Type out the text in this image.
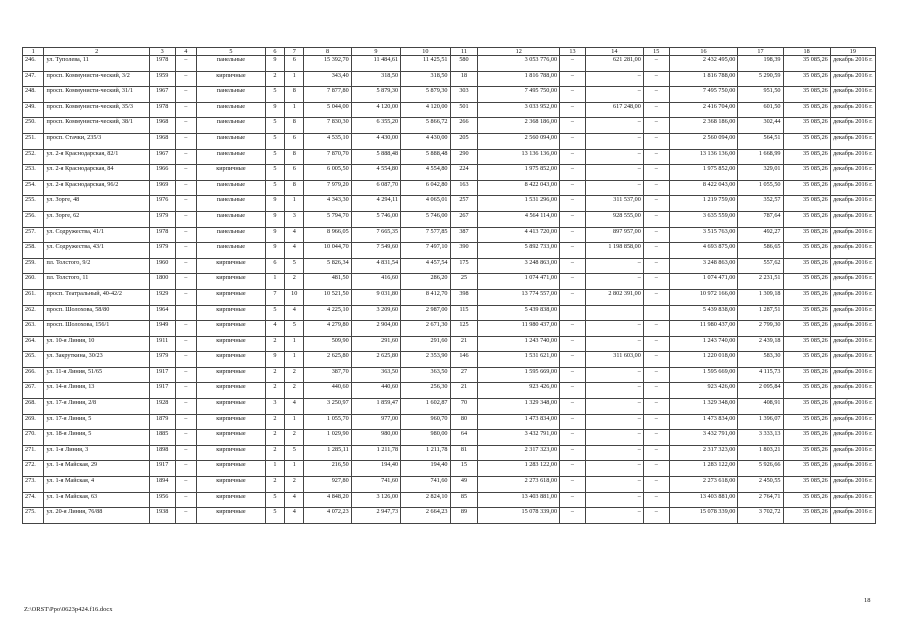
1	2	3	4	5	6	7	8	9	10	11	12	13	14	15	16	17	18	19
246.	ул. Туполева, 11	1978	–	панельные	9	6	15 392,70	11 484,61	11 425,51	580	3 053 776,00	–	621 281,00	–	2 432 495,00	198,39	35 085,26	декабрь 2016 г.
247.	просп. Коммунисти-ческий, 3/2	1959	–	кирпичные	2	1	343,40	318,50	318,50	18	1 816 788,00	–	–	–	1 816 788,00	5 290,59	35 085,26	декабрь 2016 г.
248.	просп. Коммунисти-ческий, 31/1	1967	–	панельные	5	8	7 877,80	5 879,30	5 879,30	303	7 495 750,00	–	–	–	7 495 750,00	951,50	35 085,26	декабрь 2016 г.
249.	просп. Коммунисти-ческий, 35/3	1978	–	панельные	9	1	5 044,00	4 120,00	4 120,00	501	3 033 952,00	–	617 248,00	–	2 416 704,00	601,50	35 085,26	декабрь 2016 г.
250.	просп. Коммунисти-ческий, 38/1	1968	–	панельные	5	8	7 830,30	6 355,20	5 866,72	266	2 368 186,00	–	–	–	2 368 186,00	302,44	35 085,26	декабрь 2016 г.
251.	просп. Стачки, 235/3	1968	–	панельные	5	6	4 535,10	4 430,00	4 430,00	205	2 560 094,00	–	–	–	2 560 094,00	564,51	35 085,26	декабрь 2016 г.
252.	ул. 2-я Краснодарская, 82/1	1967	–	панельные	5	8	7 870,70	5 888,48	5 888,48	290	13 136 136,00	–	–	–	13 136 136,00	1 668,99	35 085,26	декабрь 2016 г.
253.	ул. 2-я Краснодарская, 84	1966	–	кирпичные	5	6	6 005,50	4 554,80	4 554,80	224	1 975 852,00	–	–	–	1 975 852,00	329,01	35 085,26	декабрь 2016 г.
254.	ул. 2-я Краснодарская, 96/2	1969	–	панельные	5	8	7 979,20	6 087,70	6 042,80	163	8 422 043,00	–	–	–	8 422 043,00	1 055,50	35 085,26	декабрь 2016 г.
255.	ул. Зорге, 48	1976	–	панельные	9	1	4 343,30	4 294,11	4 065,01	257	1 531 296,00	–	311 537,00	–	1 219 759,00	352,57	35 085,26	декабрь 2016 г.
256.	ул. Зорге, 62	1979	–	панельные	9	3	5 794,70	5 746,00	5 746,00	267	4 564 114,00	–	928 555,00	–	3 635 559,00	787,64	35 085,26	декабрь 2016 г.
257.	ул. Содружества, 41/1	1978	–	панельные	9	4	8 966,05	7 665,35	7 577,85	387	4 413 720,00	–	897 957,00	–	3 515 763,00	492,27	35 085,26	декабрь 2016 г.
258.	ул. Содружества, 43/1	1979	–	панельные	9	4	10 044,70	7 549,60	7 497,10	390	5 892 733,00	–	1 198 858,00	–	4 693 875,00	586,65	35 085,26	декабрь 2016 г.
259.	пл. Толстого, 9/2	1960	–	кирпичные	6	5	5 826,34	4 831,54	4 457,54	175	3 248 863,00	–	–	–	3 248 863,00	557,62	35 085,26	декабрь 2016 г.
260.	пл. Толстого, 11	1800	–	кирпичные	1	2	481,50	416,60	286,20	25	1 074 471,00	–	–	–	1 074 471,00	2 231,51	35 085,26	декабрь 2016 г.
261.	просп. Театральный, 40-42/2	1929	–	кирпичные	7	10	10 521,50	9 031,80	8 412,70	398	13 774 557,00	–	2 802 391,00	–	10 972 166,00	1 309,18	35 085,26	декабрь 2016 г.
262.	просп. Шолохова, 58/80	1964		кирпичные	5	4	4 225,10	3 209,60	2 987,00	115	5 439 838,00				5 439 838,00	1 287,51	35 085,26	декабрь 2016 г.
263.	просп. Шолохова, 156/1	1949	–	кирпичные	4	5	4 279,80	2 904,00	2 671,30	125	11 980 437,00	–	–	–	11 980 437,00	2 799,30	35 085,26	декабрь 2016 г.
264.	ул. 10-я Линия, 10	1911	–	кирпичные	2	1	509,90	291,60	291,60	21	1 243 740,00	–	–	–	1 243 740,00	2 439,18	35 085,26	декабрь 2016 г.
265.	ул. Закруткина, 30/23	1979	–	кирпичные	9	1	2 625,80	2 625,80	2 353,90	146	1 531 621,00	–	311 603,00	–	1 220 018,00	583,30	35 085,26	декабрь 2016 г.
266.	ул. 11-я Линия, 51/65	1917	–	кирпичные	2	2	387,70	363,50	363,50	27	1 595 669,00	–	–	–	1 595 669,00	4 115,73	35 085,26	декабрь 2016 г.
267.	ул. 14-я Линия, 13	1917	–	кирпичные	2	2	440,60	440,60	256,30	21	923 426,00	–	–	–	923 426,00	2 095,84	35 085,26	декабрь 2016 г.
268.	ул. 17-я Линия, 2/8	1928	–	кирпичные	3	4	3 250,97	1 859,47	1 602,87	70	1 329 348,00	–	–	–	1 329 348,00	408,91	35 085,26	декабрь 2016 г.
269.	ул. 17-я Линия, 5	1879	–	кирпичные	2	1	1 055,70	977,00	960,70	80	1 473 834,00	–	–	–	1 473 834,00	1 396,07	35 085,26	декабрь 2016 г.
270.	ул. 18-я Линия, 5	1885	–	кирпичные	2	2	1 029,90	980,00	980,00	64	3 432 791,00	–	–	–	3 432 791,00	3 333,13	35 085,26	декабрь 2016 г.
271.	ул. 1-я Линия, 3	1898	–	кирпичные	2	5	1 285,11	1 211,78	1 211,78	81	2 317 323,00	–	–	–	2 317 323,00	1 803,21	35 085,26	декабрь 2016 г.
272.	ул. 1-я Майская, 29	1917	–	кирпичные	1	1	216,50	194,40	194,40	15	1 283 122,00	–	–	–	1 283 122,00	5 926,66	35 085,26	декабрь 2016 г.
273.	ул. 1-я Майская, 4	1894	–	кирпичные	2	2	927,80	741,60	741,60	49	2 273 618,00	–	–	–	2 273 618,00	2 450,55	35 085,26	декабрь 2016 г.
274.	ул. 1-я Майская, 63	1956	–	кирпичные	5	4	4 848,20	3 126,00	2 824,10	85	13 403 881,00	–	–	–	13 403 881,00	2 764,71	35 085,26	декабрь 2016 г.
275.	ул. 20-я Линия, 76/88	1938	–	кирпичные	5	4	4 072,23	2 947,73	2 664,23	89	15 078 339,00	–	–	–	15 078 339,00	3 702,72	35 085,26	декабрь 2016 г.
Z:\ORST\Ppo\0623p424.f16.docx
18
